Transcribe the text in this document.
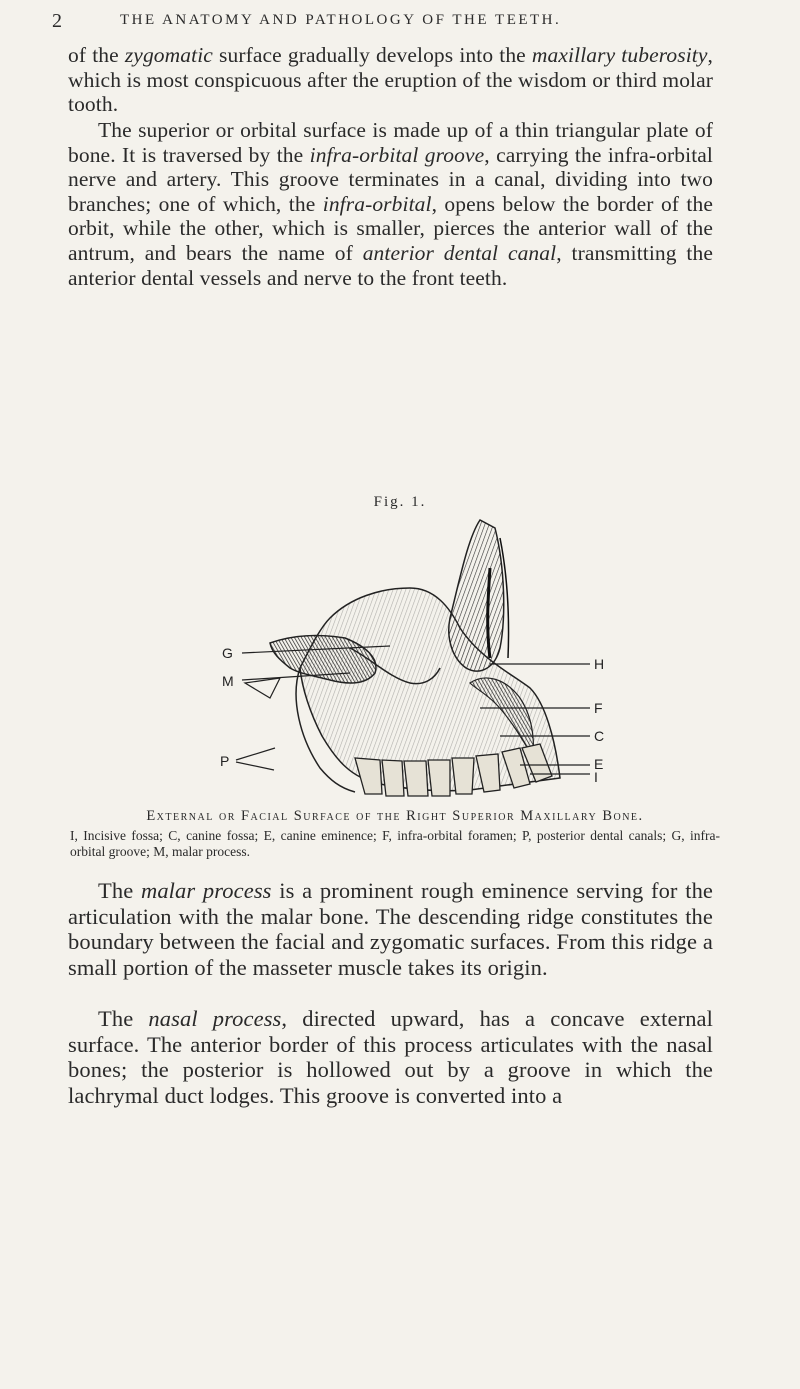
2	THE ANATOMY AND PATHOLOGY OF THE TEETH.

of the zygomatic surface gradually develops into the maxillary tuberosity, which is most conspicuous after the eruption of the wisdom or third molar tooth.

The superior or orbital surface is made up of a thin triangular plate of bone. It is traversed by the infra-orbital groove, carrying the infra-orbital nerve and artery. This groove terminates in a canal, dividing into two branches; one of which, the infra-orbital, opens below the border of the orbit, while the other, which is smaller, pierces the anterior wall of the antrum, and bears the name of anterior dental canal, transmitting the anterior dental vessels and nerve to the front teeth.

Fig. 1.
G
M
P
H
F
C
E
I
External or Facial Surface of the Right Superior Maxillary Bone.
I, Incisive fossa; C, canine fossa; E, canine eminence; F, infra-orbital foramen; P, posterior dental canals; G, infra-orbital groove; M, malar process.

The malar process is a prominent rough eminence serving for the articulation with the malar bone. The descending ridge constitutes the boundary between the facial and zygomatic surfaces. From this ridge a small portion of the masseter muscle takes its origin.

The nasal process, directed upward, has a concave external surface. The anterior border of this process articulates with the nasal bones; the posterior is hollowed out by a groove in which the lachrymal duct lodges. This groove is converted into a
